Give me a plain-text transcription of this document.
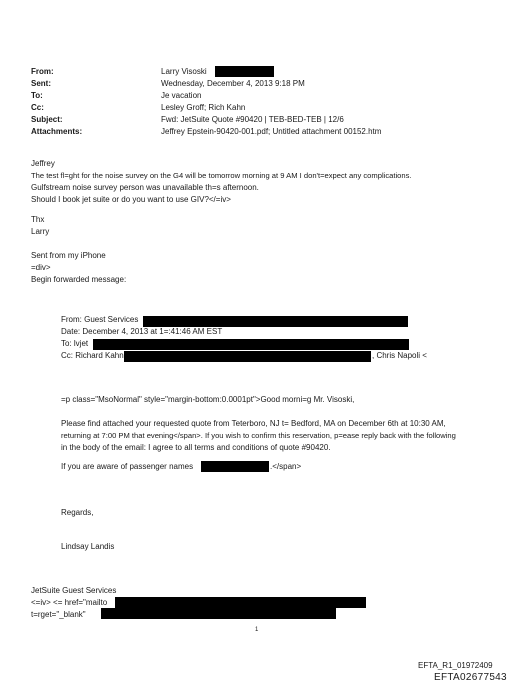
From:	Larry Visoski
Sent:	Wednesday, December 4, 2013 9:18 PM
To:	Je vacation
Cc:	Lesley Groff; Rich Kahn
Subject:	Fwd: JetSuite Quote #90420 | TEB-BED-TEB | 12/6
Attachments:	Jeffrey Epstein-90420-001.pdf; Untitled attachment 00152.htm
Jeffrey
The test fl=ght for the noise survey on the G4 will be tomorrow morning at 9 AM I don't=expect any complications.
Gulfstream noise survey person was unavailable th=s afternoon.
Should I book jet suite or do you want to use GIV?</=iv>
Thx
Larry
Sent from my iPhone
=div>
Begin forwarded message:
From: Guest Services
Date: December 4, 2013 at 1=:41:46 AM EST
To: lvjet
Cc: Richard Kahn	, Chris Napoli <
=p class="MsoNormal" style="margin-bottom:0.0001pt">Good morni=g Mr. Visoski,
Please find attached your requested quote from Teterboro, NJ t= Bedford, MA on December 6th at 10:30 AM,
returning at 7:00 PM that evening</span>. If you wish to confirm this reservation, p=ease reply back with the following
in the body of the email: I agree to all terms and conditions of quote #90420.
If you are aware of passenger names	.</span>
Regards,
Lindsay Landis
JetSuite Guest Services
<=iv> <= href="mailto
t=rget="_blank"
1
EFTA_R1_01972409
EFTA02677543
